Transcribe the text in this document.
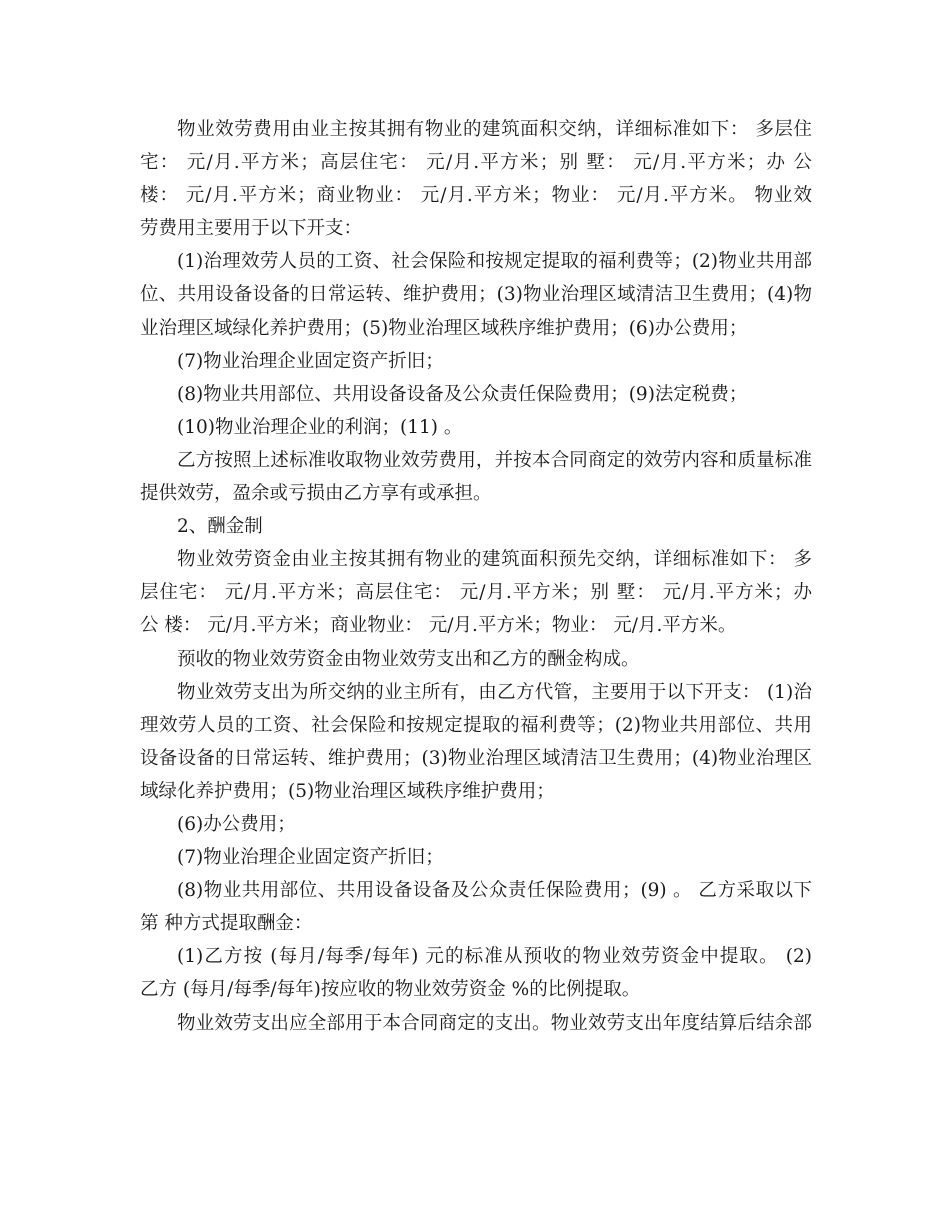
物业效劳费用由业主按其拥有物业的建筑面积交纳，详细标准如下： 多层住
宅： 元/月.平方米；高层住宅： 元/月.平方米；别 墅： 元/月.平方米；办 公
楼： 元/月.平方米；商业物业： 元/月.平方米；物业： 元/月.平方米。 物业效
劳费用主要用于以下开支：
(1)治理效劳人员的工资、社会保险和按规定提取的福利费等；(2)物业共用部
位、共用设备设备的日常运转、维护费用；(3)物业治理区域清洁卫生费用；(4)物
业治理区域绿化养护费用；(5)物业治理区域秩序维护费用；(6)办公费用；
(7)物业治理企业固定资产折旧；
(8)物业共用部位、共用设备设备及公众责任保险费用；(9)法定税费；
(10)物业治理企业的利润；(11) 。
乙方按照上述标准收取物业效劳费用，并按本合同商定的效劳内容和质量标准
提供效劳，盈余或亏损由乙方享有或承担。
2、酬金制
物业效劳资金由业主按其拥有物业的建筑面积预先交纳，详细标准如下： 多
层住宅： 元/月.平方米；高层住宅： 元/月.平方米；别 墅： 元/月.平方米；办
公 楼： 元/月.平方米；商业物业： 元/月.平方米；物业： 元/月.平方米。
预收的物业效劳资金由物业效劳支出和乙方的酬金构成。
物业效劳支出为所交纳的业主所有，由乙方代管，主要用于以下开支： (1)治
理效劳人员的工资、社会保险和按规定提取的福利费等；(2)物业共用部位、共用
设备设备的日常运转、维护费用；(3)物业治理区域清洁卫生费用；(4)物业治理区
域绿化养护费用；(5)物业治理区域秩序维护费用；
(6)办公费用；
(7)物业治理企业固定资产折旧；
(8)物业共用部位、共用设备设备及公众责任保险费用；(9) 。 乙方采取以下
第 种方式提取酬金：
(1)乙方按 (每月/每季/每年) 元的标准从预收的物业效劳资金中提取。 (2)
乙方 (每月/每季/每年)按应收的物业效劳资金 %的比例提取。
物业效劳支出应全部用于本合同商定的支出。物业效劳支出年度结算后结余部
